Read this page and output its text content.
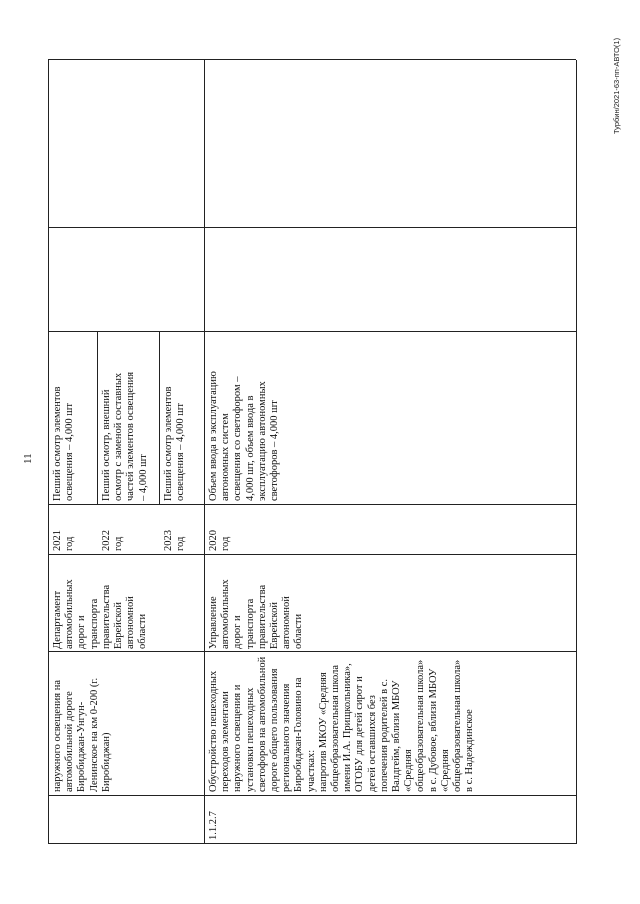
11
наружного освещения на
автомобильной дороге
Биробиджан-Унгун-
Ленинское на км 0-200 (г.
Биробиджан)
Департамент
автомобильных
дорог и
транспорта
правительства
Еврейской
автономной
области
2021
год 2022
год	2023
год
Пеший осмотр элементов
освещения – 4,000 шт
Пеший осмотр, внешний
осмотр с заменой составных
частей элементов освещения
– 4,000 шт
Пеший осмотр элементов
освещения – 4,000 шт
1.1.2.7
Обустройство пешеходных
переходов элементами
наружного освещения и
установки пешеходных
светофоров на автомобильной
дороге общего пользования
регионального значения
Биробиджан-Головино на
участках:
напротив МКОУ «Средняя
общеобразовательная школа
имени И.А. Прищкольника»,
ОГОБУ для детей сирот и
детей оставшихся без
попечения родителей в с.
Валдгейм, вблизи МБОУ
«Средняя
общеобразовательная школа»
в с. Дубовое, вблизи МБОУ
«Средняя
общеобразовательная школа»
в с. Надеждинское
Управление
автомобильных
дорог и
транспорта
правительства
Еврейской
автономной
области
2020
год
Объем ввода в эксплуатацию
автономных систем
освещения со светофором –
4,000 шт, объем ввода в
эксплуатацию автономных
светофоров – 4,000 шт
Турбин/2021-63-пп-АВТО(1)
